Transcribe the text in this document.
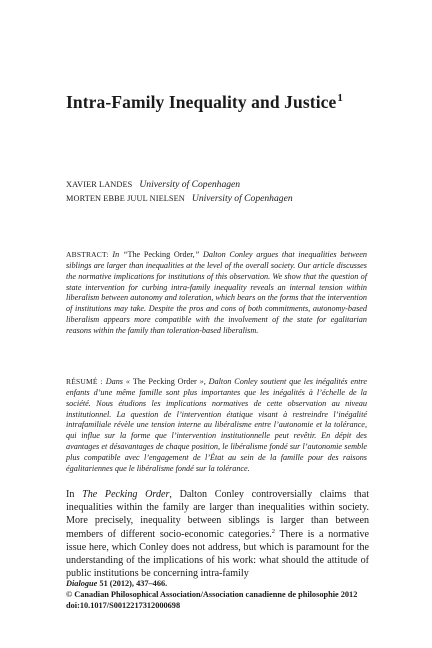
Intra-Family Inequality and Justice$^1$
XAVIER LANDES University of Copenhagen
MORTEN EBBE JUUL NIELSEN University of Copenhagen

ABSTRACT: In “The Pecking Order,” Dalton Conley argues that inequalities between siblings are larger than inequalities at the level of the overall society. Our article discusses the normative implications for institutions of this observation. We show that the question of state intervention for curbing intra-family inequality reveals an internal tension within liberalism between autonomy and toleration, which bears on the forms that the intervention of institutions may take. Despite the pros and cons of both commitments, autonomy-based liberalism appears more compatible with the involvement of the state for egalitarian reasons within the family than toleration-based liberalism.

RÉSUMÉ : Dans « The Pecking Order », Dalton Conley soutient que les inégalités entre enfants d’une même famille sont plus importantes que les inégalités à l’échelle de la société. Nous étudions les implications normatives de cette observation au niveau institutionnel. La question de l’intervention étatique visant à restreindre l’inégalité intrafamiliale révèle une tension interne au libéralisme entre l’autonomie et la tolérance, qui influe sur la forme que l’intervention institutionnelle peut revêtir. En dépit des avantages et désavantages de chaque position, le libéralisme fondé sur l’autonomie semble plus compatible avec l’engagement de l’État au sein de la famille pour des raisons égalitariennes que le libéralisme fondé sur la tolérance.

In The Pecking Order, Dalton Conley controversially claims that inequalities within the family are larger than inequalities within society. More precisely, inequality between siblings is larger than between members of different socio-economic categories.$^2$ There is a normative issue here, which Conley does not address, but which is paramount for the understanding of the implications of his work: what should the attitude of public institutions be concerning intra-family

Dialogue 51 (2012), 437–466.
© Canadian Philosophical Association/Association canadienne de philosophie 2012
doi:10.1017/S0012217312000698
